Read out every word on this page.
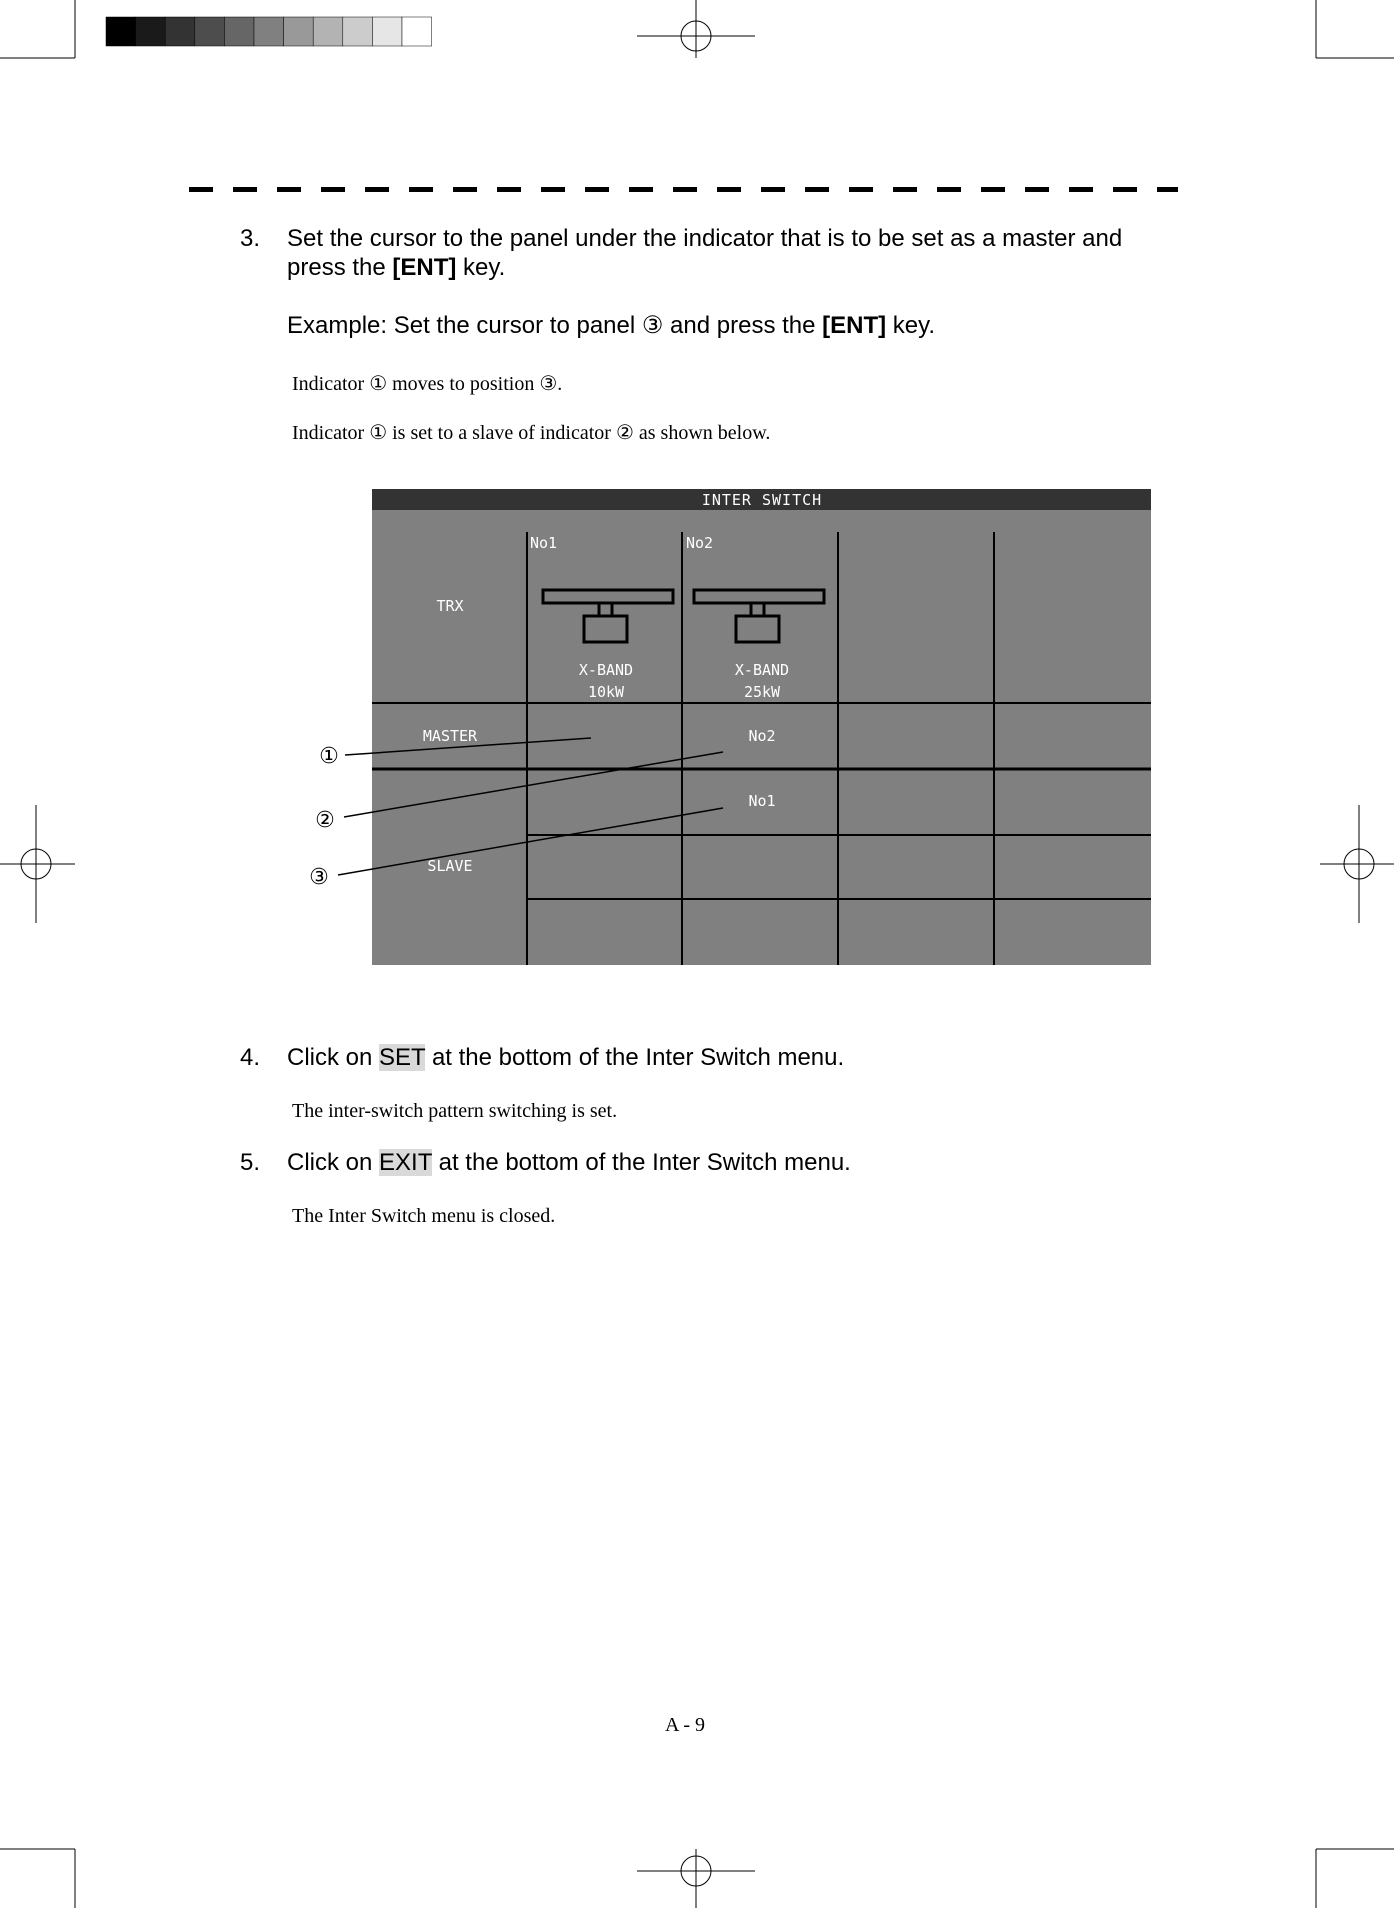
3. Set the cursor to the panel under the indicator that is to be set as a master and
press the [ENT] key.
Example: Set the cursor to panel ③ and press the [ENT] key.
Indicator ① moves to position ③.
Indicator ① is set to a slave of indicator ② as shown below.
INTER SWITCH
TRX
MASTER
SLAVE
No1	No2
X-BAND
10kW
X-BAND
25kW
No2
No1
①
②
③
4. Click on SET at the bottom of the Inter Switch menu.
The inter-switch pattern switching is set.
5. Click on EXIT at the bottom of the Inter Switch menu.
The Inter Switch menu is closed.
A - 9
